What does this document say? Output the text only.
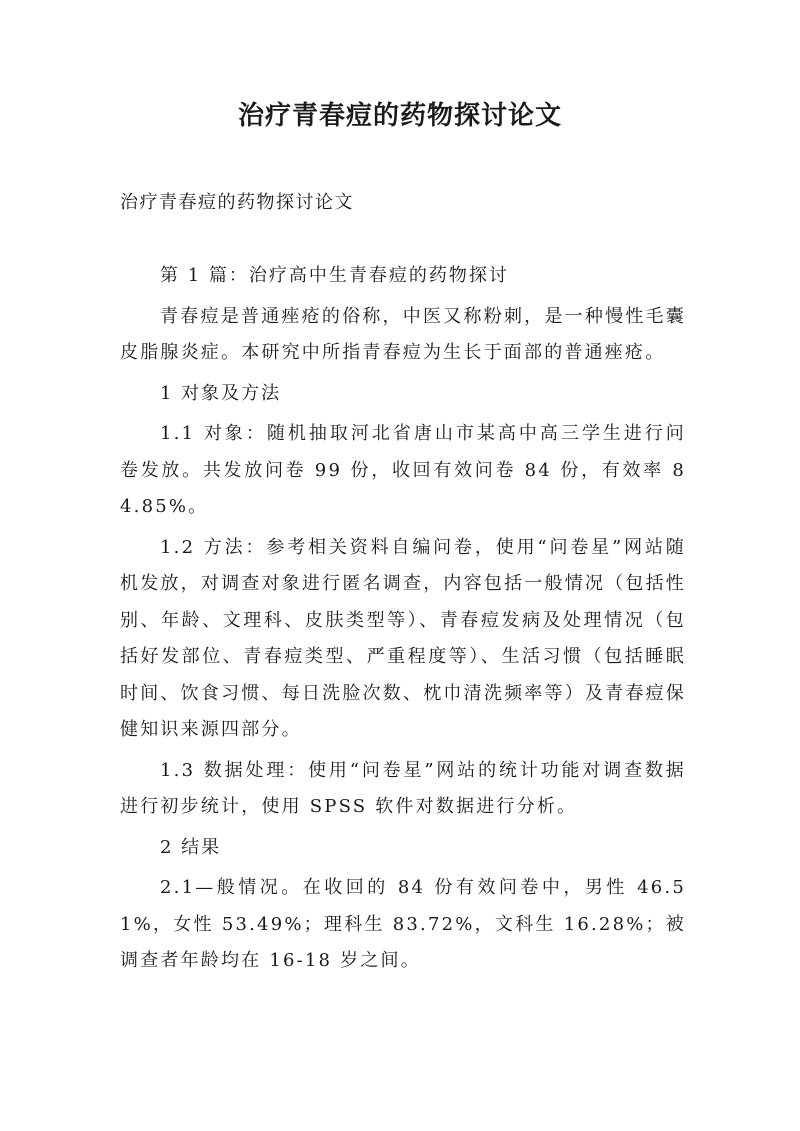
治疗青春痘的药物探讨论文

治疗青春痘的药物探讨论文

第 1 篇：治疗高中生青春痘的药物探讨

青春痘是普通痤疮的俗称，中医又称粉刺，是一种慢性毛囊皮脂腺炎症。本研究中所指青春痘为生长于面部的普通痤疮。

1 对象及方法

1.1 对象：随机抽取河北省唐山市某高中高三学生进行问卷发放。共发放问卷 99 份，收回有效问卷 84 份，有效率 84.85%。

1.2 方法：参考相关资料自编问卷，使用“问卷星”网站随机发放，对调查对象进行匿名调查，内容包括一般情况（包括性别、年龄、文理科、皮肤类型等）、青春痘发病及处理情况（包括好发部位、青春痘类型、严重程度等）、生活习惯（包括睡眠时间、饮食习惯、每日洗脸次数、枕巾清洗频率等）及青春痘保健知识来源四部分。

1.3 数据处理：使用“问卷星”网站的统计功能对调查数据进行初步统计，使用 SPSS 软件对数据进行分析。

2 结果

2.1—般情况。在收回的 84 份有效问卷中，男性 46.51%，女性 53.49%；理科生 83.72%，文科生 16.28%；被调查者年龄均在 16-18 岁之间。
